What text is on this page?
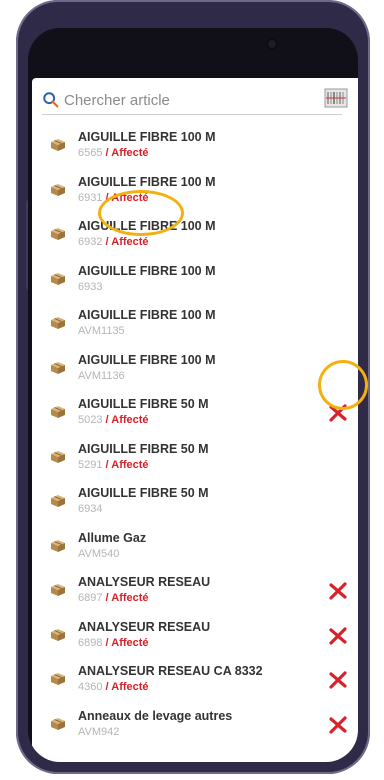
Chercher article
AIGUILLE FIBRE 100 M
6565 / Affecté
AIGUILLE FIBRE 100 M
6931 / Affecté
AIGUILLE FIBRE 100 M
6932 / Affecté
AIGUILLE FIBRE 100 M
6933
AIGUILLE FIBRE 100 M
AVM1135
AIGUILLE FIBRE 100 M
AVM1136
AIGUILLE FIBRE 50 M
5023 / Affecté
AIGUILLE FIBRE 50 M
5291 / Affecté
AIGUILLE FIBRE 50 M
6934
Allume Gaz
AVM540
ANALYSEUR RESEAU
6897 / Affecté
ANALYSEUR RESEAU
6898 / Affecté
ANALYSEUR RESEAU CA 8332
4360 / Affecté
Anneaux de levage autres
AVM942
